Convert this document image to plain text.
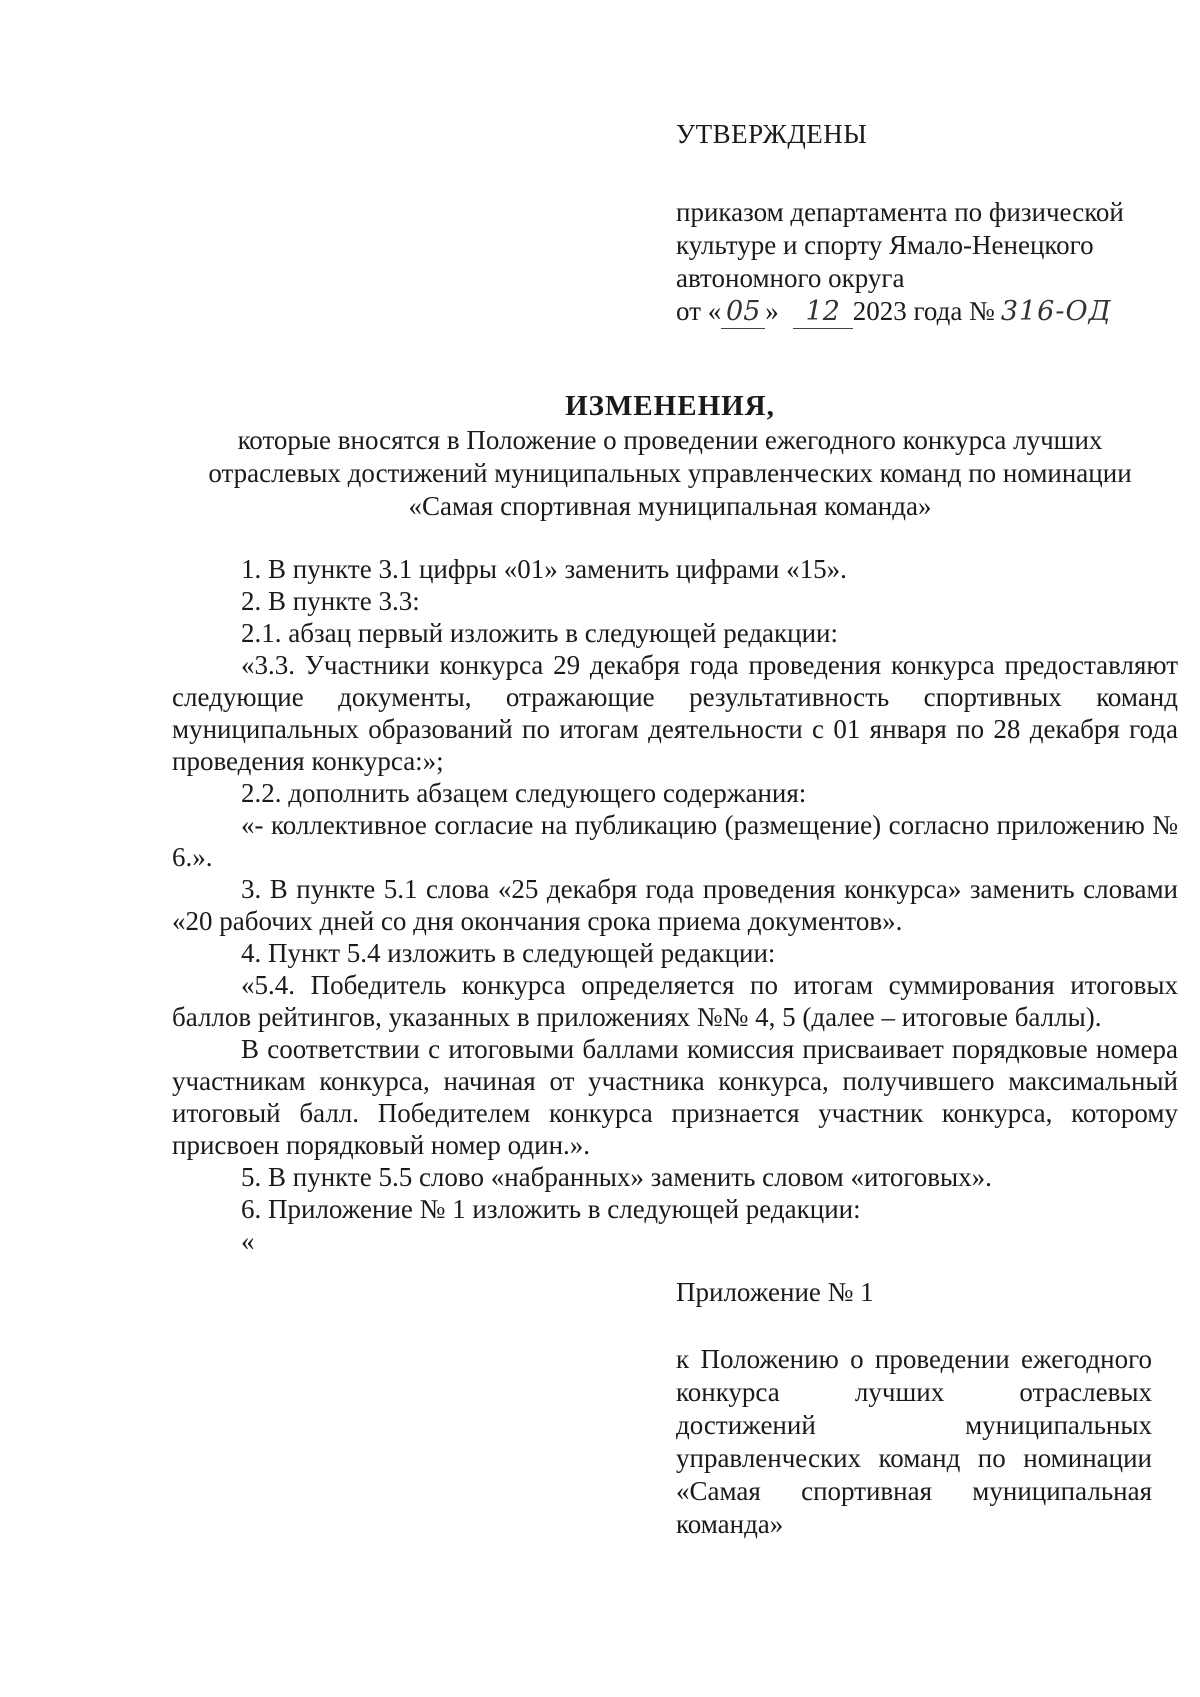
УТВЕРЖДЕНЫ
приказом департамента по физической
культуре и спорту Ямало-Ненецкого
автономного округа
от « 05 » 12 2023 года № 316-ОД
ИЗМЕНЕНИЯ,
которые вносятся в Положение о проведении ежегодного конкурса лучших
отраслевых достижений муниципальных управленческих команд по номинации
«Самая спортивная муниципальная команда»

1. В пункте 3.1 цифры «01» заменить цифрами «15».

2. В пункте 3.3:

2.1. абзац первый изложить в следующей редакции:

«3.3. Участники конкурса 29 декабря года проведения конкурса предоставляют следующие документы, отражающие результативность спортивных команд муниципальных образований по итогам деятельности с 01 января по 28 декабря года проведения конкурса:»;

2.2. дополнить абзацем следующего содержания:

«- коллективное согласие на публикацию (размещение) согласно приложению № 6.».

3. В пункте 5.1 слова «25 декабря года проведения конкурса» заменить словами «20 рабочих дней со дня окончания срока приема документов».

4. Пункт 5.4 изложить в следующей редакции:

«5.4. Победитель конкурса определяется по итогам суммирования итоговых баллов рейтингов, указанных в приложениях №№ 4, 5 (далее – итоговые баллы).

В соответствии с итоговыми баллами комиссия присваивает порядковые номера участникам конкурса, начиная от участника конкурса, получившего максимальный итоговый балл. Победителем конкурса признается участник конкурса, которому присвоен порядковый номер один.».

5. В пункте 5.5 слово «набранных» заменить словом «итоговых».

6. Приложение № 1 изложить в следующей редакции:

«

Приложение № 1
к Положению о проведении ежегодного конкурса лучших отраслевых достижений муниципальных управленческих команд по номинации «Самая спортивная муниципальная команда»
